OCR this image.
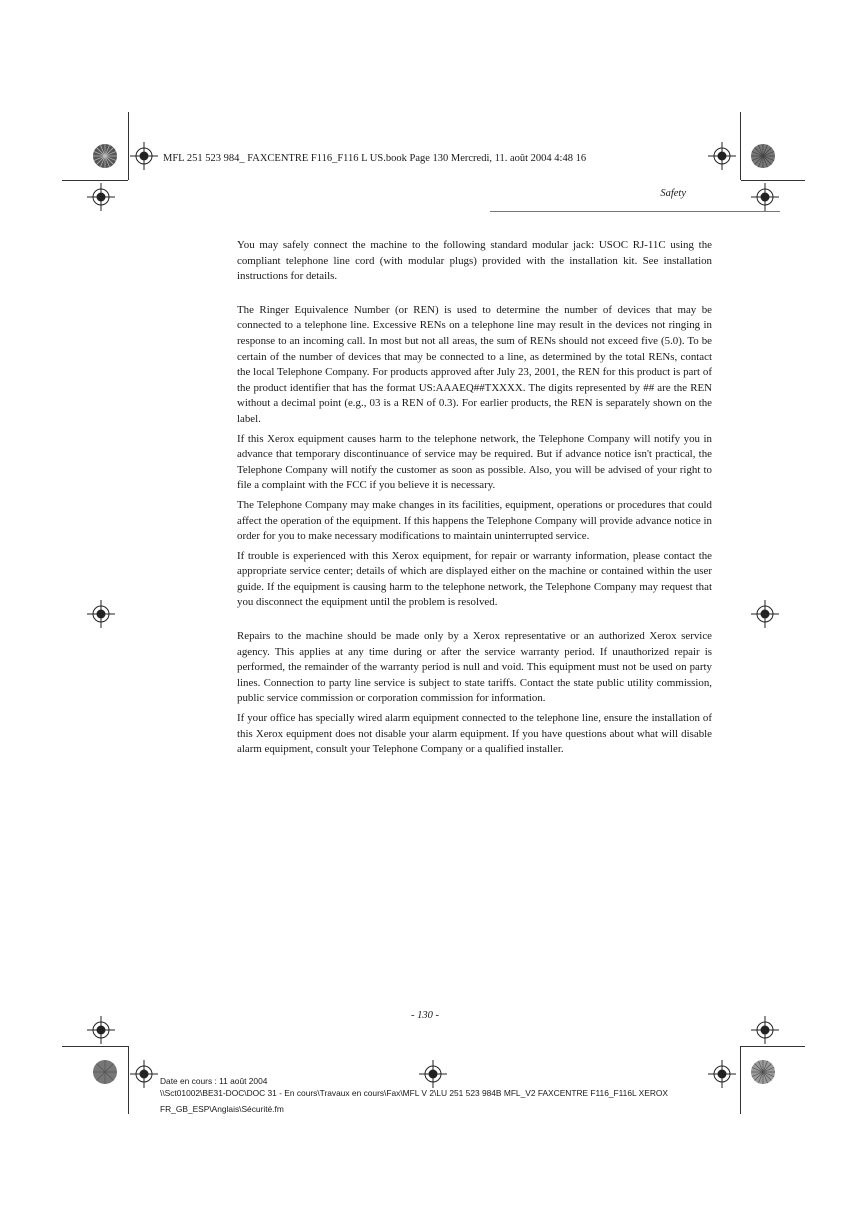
MFL 251 523 984_ FAXCENTRE F116_F116 L US.book Page 130 Mercredi, 11. août 2004 4:48 16
Safety

You may safely connect the machine to the following standard modular jack: USOC RJ-11C using the compliant telephone line cord (with modular plugs) provided with the installation kit. See installation instructions for details.

The Ringer Equivalence Number (or REN) is used to determine the number of devices that may be connected to a telephone line. Excessive RENs on a telephone line may result in the devices not ringing in response to an incoming call. In most but not all areas, the sum of RENs should not exceed five (5.0). To be certain of the number of devices that may be connected to a line, as determined by the total RENs, contact the local Telephone Company. For products approved after July 23, 2001, the REN for this product is part of the product identifier that has the format US:AAAEQ##TXXXX. The digits represented by ## are the REN without a decimal point (e.g., 03 is a REN of 0.3). For earlier products, the REN is separately shown on the label.

If this Xerox equipment causes harm to the telephone network, the Telephone Company will notify you in advance that temporary discontinuance of service may be required. But if advance notice isn't practical, the Telephone Company will notify the customer as soon as possible. Also, you will be advised of your right to file a complaint with the FCC if you believe it is necessary.

The Telephone Company may make changes in its facilities, equipment, operations or procedures that could affect the operation of the equipment. If this happens the Telephone Company will provide advance notice in order for you to make necessary modifications to maintain uninterrupted service.

If trouble is experienced with this Xerox equipment, for repair or warranty information, please contact the appropriate service center; details of which are displayed either on the machine or contained within the user guide. If the equipment is causing harm to the telephone network, the Telephone Company may request that you disconnect the equipment until the problem is resolved.

Repairs to the machine should be made only by a Xerox representative or an authorized Xerox service agency. This applies at any time during or after the service warranty period. If unauthorized repair is performed, the remainder of the warranty period is null and void. This equipment must not be used on party lines. Connection to party line service is subject to state tariffs. Contact the state public utility commission, public service commission or corporation commission for information.

If your office has specially wired alarm equipment connected to the telephone line, ensure the installation of this Xerox equipment does not disable your alarm equipment. If you have questions about what will disable alarm equipment, consult your Telephone Company or a qualified installer.

- 130 -
Date en cours : 11 août 2004
\\Sct01002\BE31-DOC\DOC 31 - En cours\Travaux en cours\Fax\MFL V 2\LU 251 523 984B MFL_V2 FAXCENTRE F116_F116L XEROX
FR_GB_ESP\Anglais\Sécurité.fm
